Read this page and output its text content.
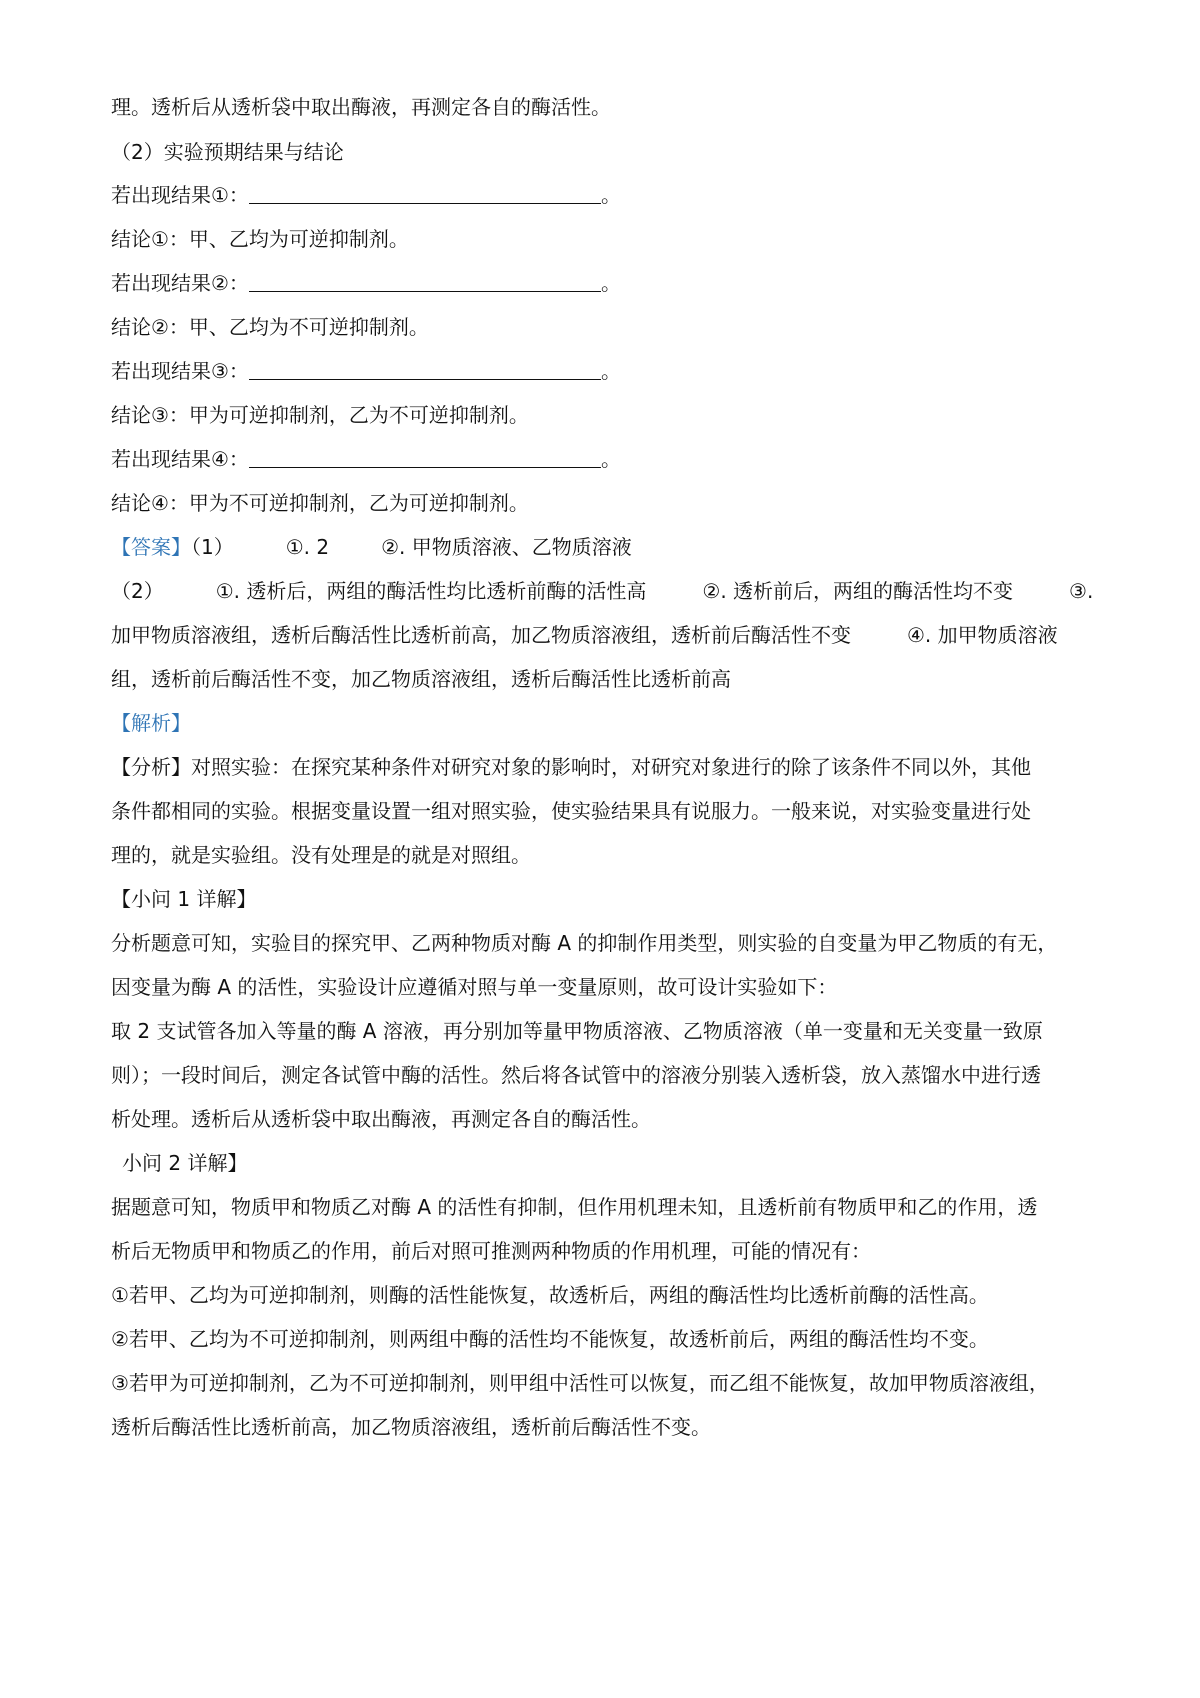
理。透析后从透析袋中取出酶液，再测定各自的酶活性。
（2）实验预期结果与结论
若出现结果①：	。
结论①：甲、乙均为可逆抑制剂。
若出现结果②：	。
结论②：甲、乙均为不可逆抑制剂。
若出现结果③：	。
结论③：甲为可逆抑制剂，乙为不可逆抑制剂。
若出现结果④：	。
结论④：甲为不可逆抑制剂，乙为可逆抑制剂。
【答案】（1）	①. 2	②. 甲物质溶液、乙物质溶液
（2）	①. 透析后，两组的酶活性均比透析前酶的活性高	②. 透析前后，两组的酶活性均不变	③.
加甲物质溶液组，透析后酶活性比透析前高，加乙物质溶液组，透析前后酶活性不变	④. 加甲物质溶液
组，透析前后酶活性不变，加乙物质溶液组，透析后酶活性比透析前高
【解析】
【分析】对照实验：在探究某种条件对研究对象的影响时，对研究对象进行的除了该条件不同以外，其他
条件都相同的实验。根据变量设置一组对照实验，使实验结果具有说服力。一般来说，对实验变量进行处
理的，就是实验组。没有处理是的就是对照组。
【小问 1 详解】
分析题意可知，实验目的探究甲、乙两种物质对酶 A 的抑制作用类型，则实验的自变量为甲乙物质的有无，
因变量为酶 A 的活性，实验设计应遵循对照与单一变量原则，故可设计实验如下：
取 2 支试管各加入等量的酶 A 溶液，再分别加等量甲物质溶液、乙物质溶液（单一变量和无关变量一致原
则）；一段时间后，测定各试管中酶的活性。然后将各试管中的溶液分别装入透析袋，放入蒸馏水中进行透
析处理。透析后从透析袋中取出酶液，再测定各自的酶活性。
小问 2 详解】
据题意可知，物质甲和物质乙对酶 A 的活性有抑制，但作用机理未知，且透析前有物质甲和乙的作用，透
析后无物质甲和物质乙的作用，前后对照可推测两种物质的作用机理，可能的情况有：
①若甲、乙均为可逆抑制剂，则酶的活性能恢复，故透析后，两组的酶活性均比透析前酶的活性高。
②若甲、乙均为不可逆抑制剂，则两组中酶的活性均不能恢复，故透析前后，两组的酶活性均不变。
③若甲为可逆抑制剂，乙为不可逆抑制剂，则甲组中活性可以恢复，而乙组不能恢复，故加甲物质溶液组，
透析后酶活性比透析前高，加乙物质溶液组，透析前后酶活性不变。
